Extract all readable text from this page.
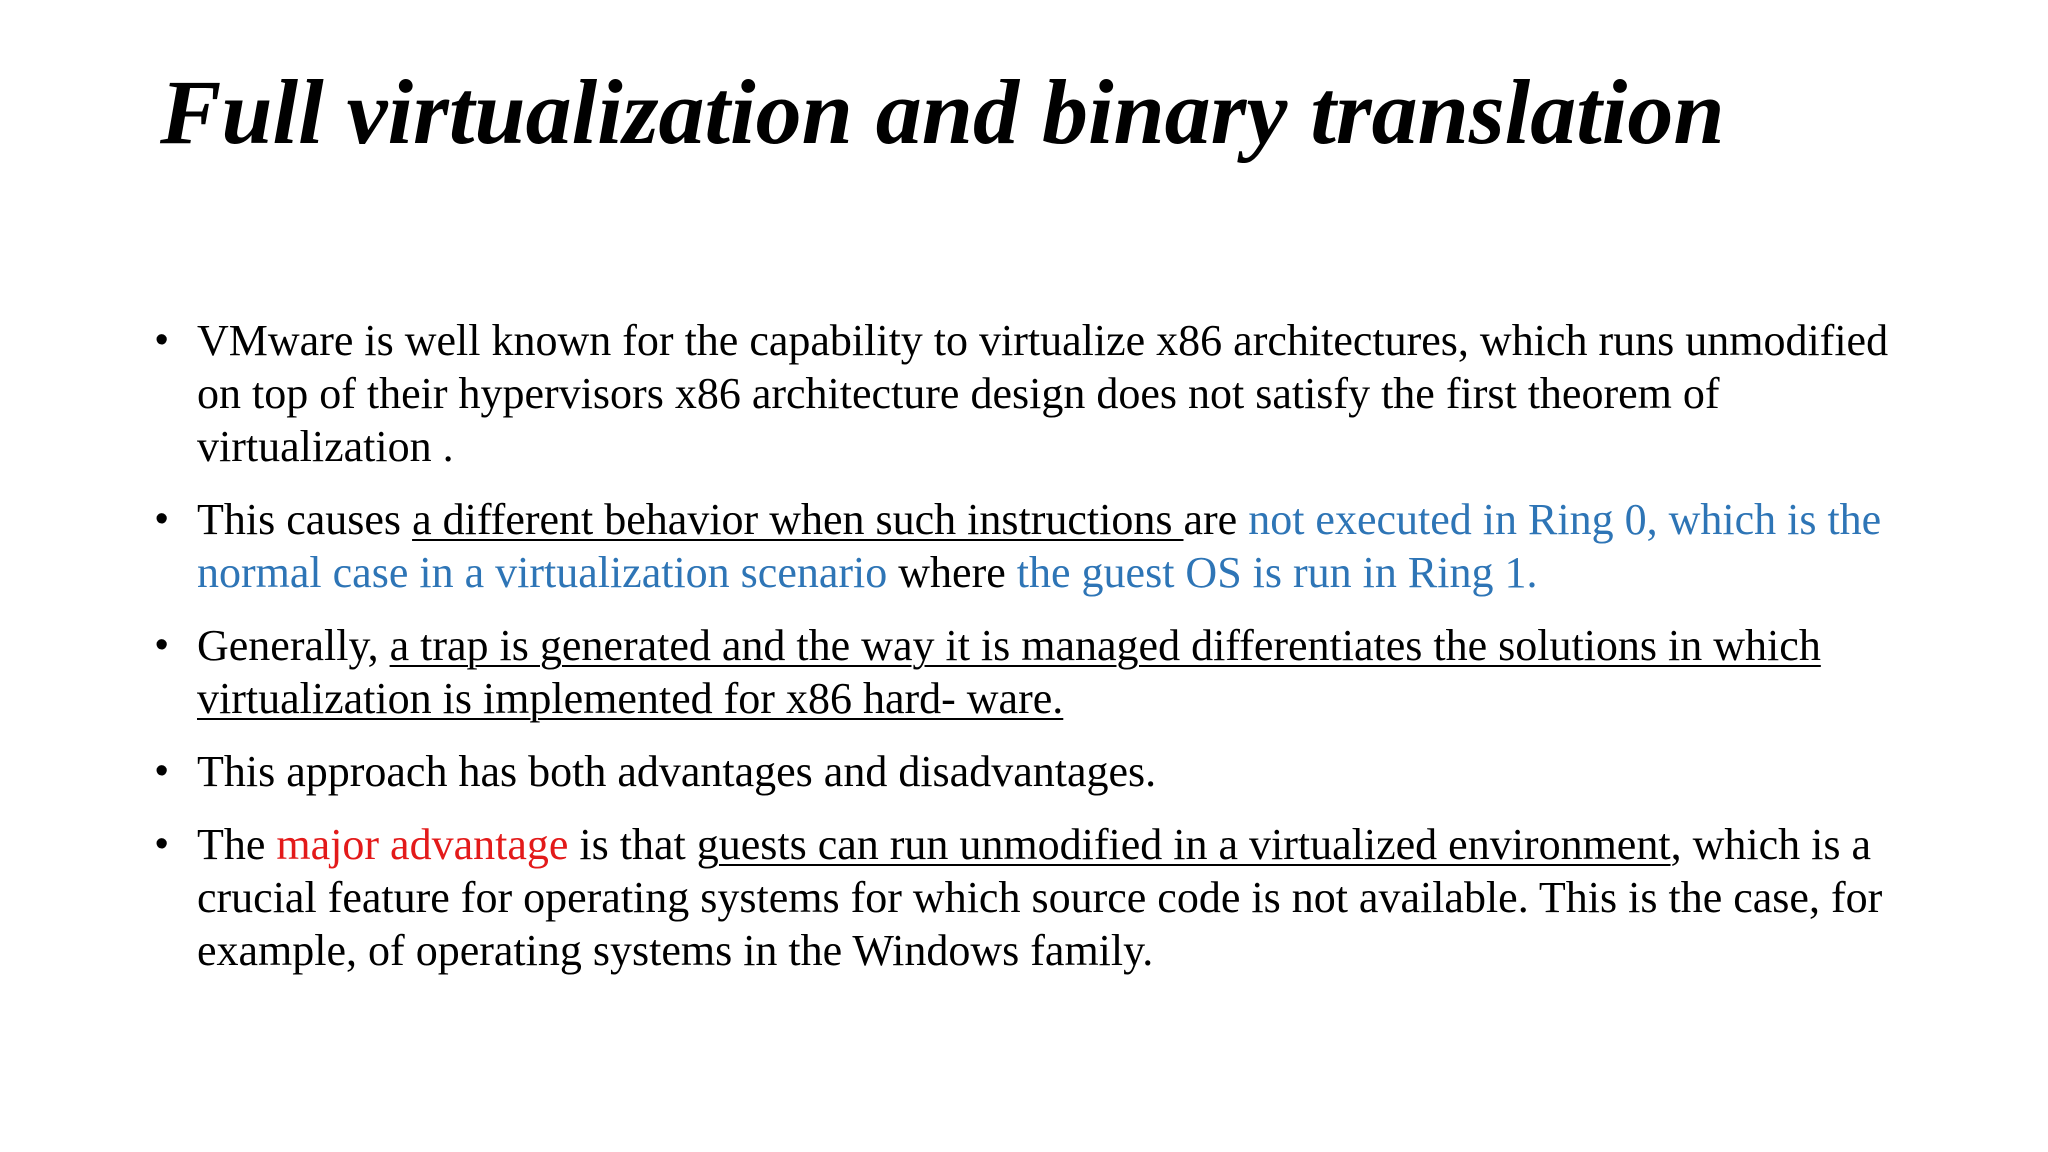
Full virtualization and binary translation
• VMware is well known for the capability to virtualize x86 architectures, which runs unmodified on top of their hypervisors x86 architecture design does not satisfy the first theorem of virtualization .
• This causes a different behavior when such instructions are not executed in Ring 0, which is the normal case in a virtualization scenario where the guest OS is run in Ring 1.
• Generally, a trap is generated and the way it is managed differentiates the solutions in which virtualization is implemented for x86 hard- ware.
• This approach has both advantages and disadvantages.
• The major advantage is that guests can run unmodified in a virtualized environment, which is a crucial feature for operating systems for which source code is not available. This is the case, for example, of operating systems in the Windows family.
